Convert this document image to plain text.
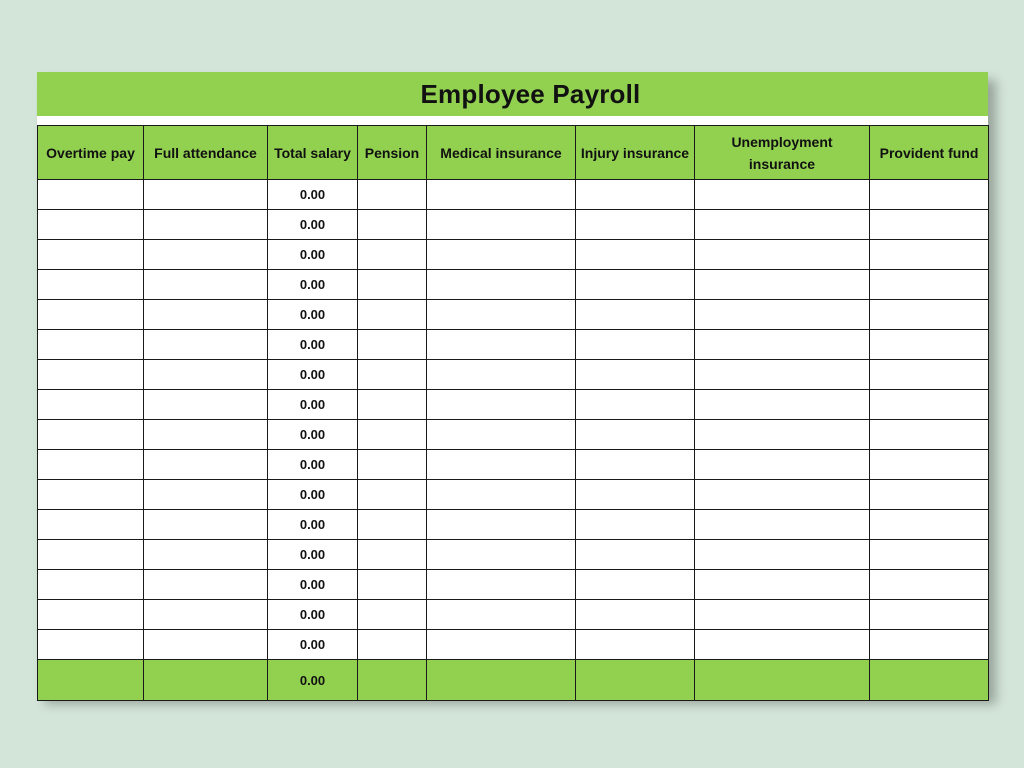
Employee Payroll
Overtime pay	Full attendance	Total salary	Pension	Medical insurance	Injury insurance	Unemployment insurance	Provident fund
		0.00					
		0.00					
		0.00					
		0.00					
		0.00					
		0.00					
		0.00					
		0.00					
		0.00					
		0.00					
		0.00					
		0.00					
		0.00					
		0.00					
		0.00					
		0.00					
		0.00					
